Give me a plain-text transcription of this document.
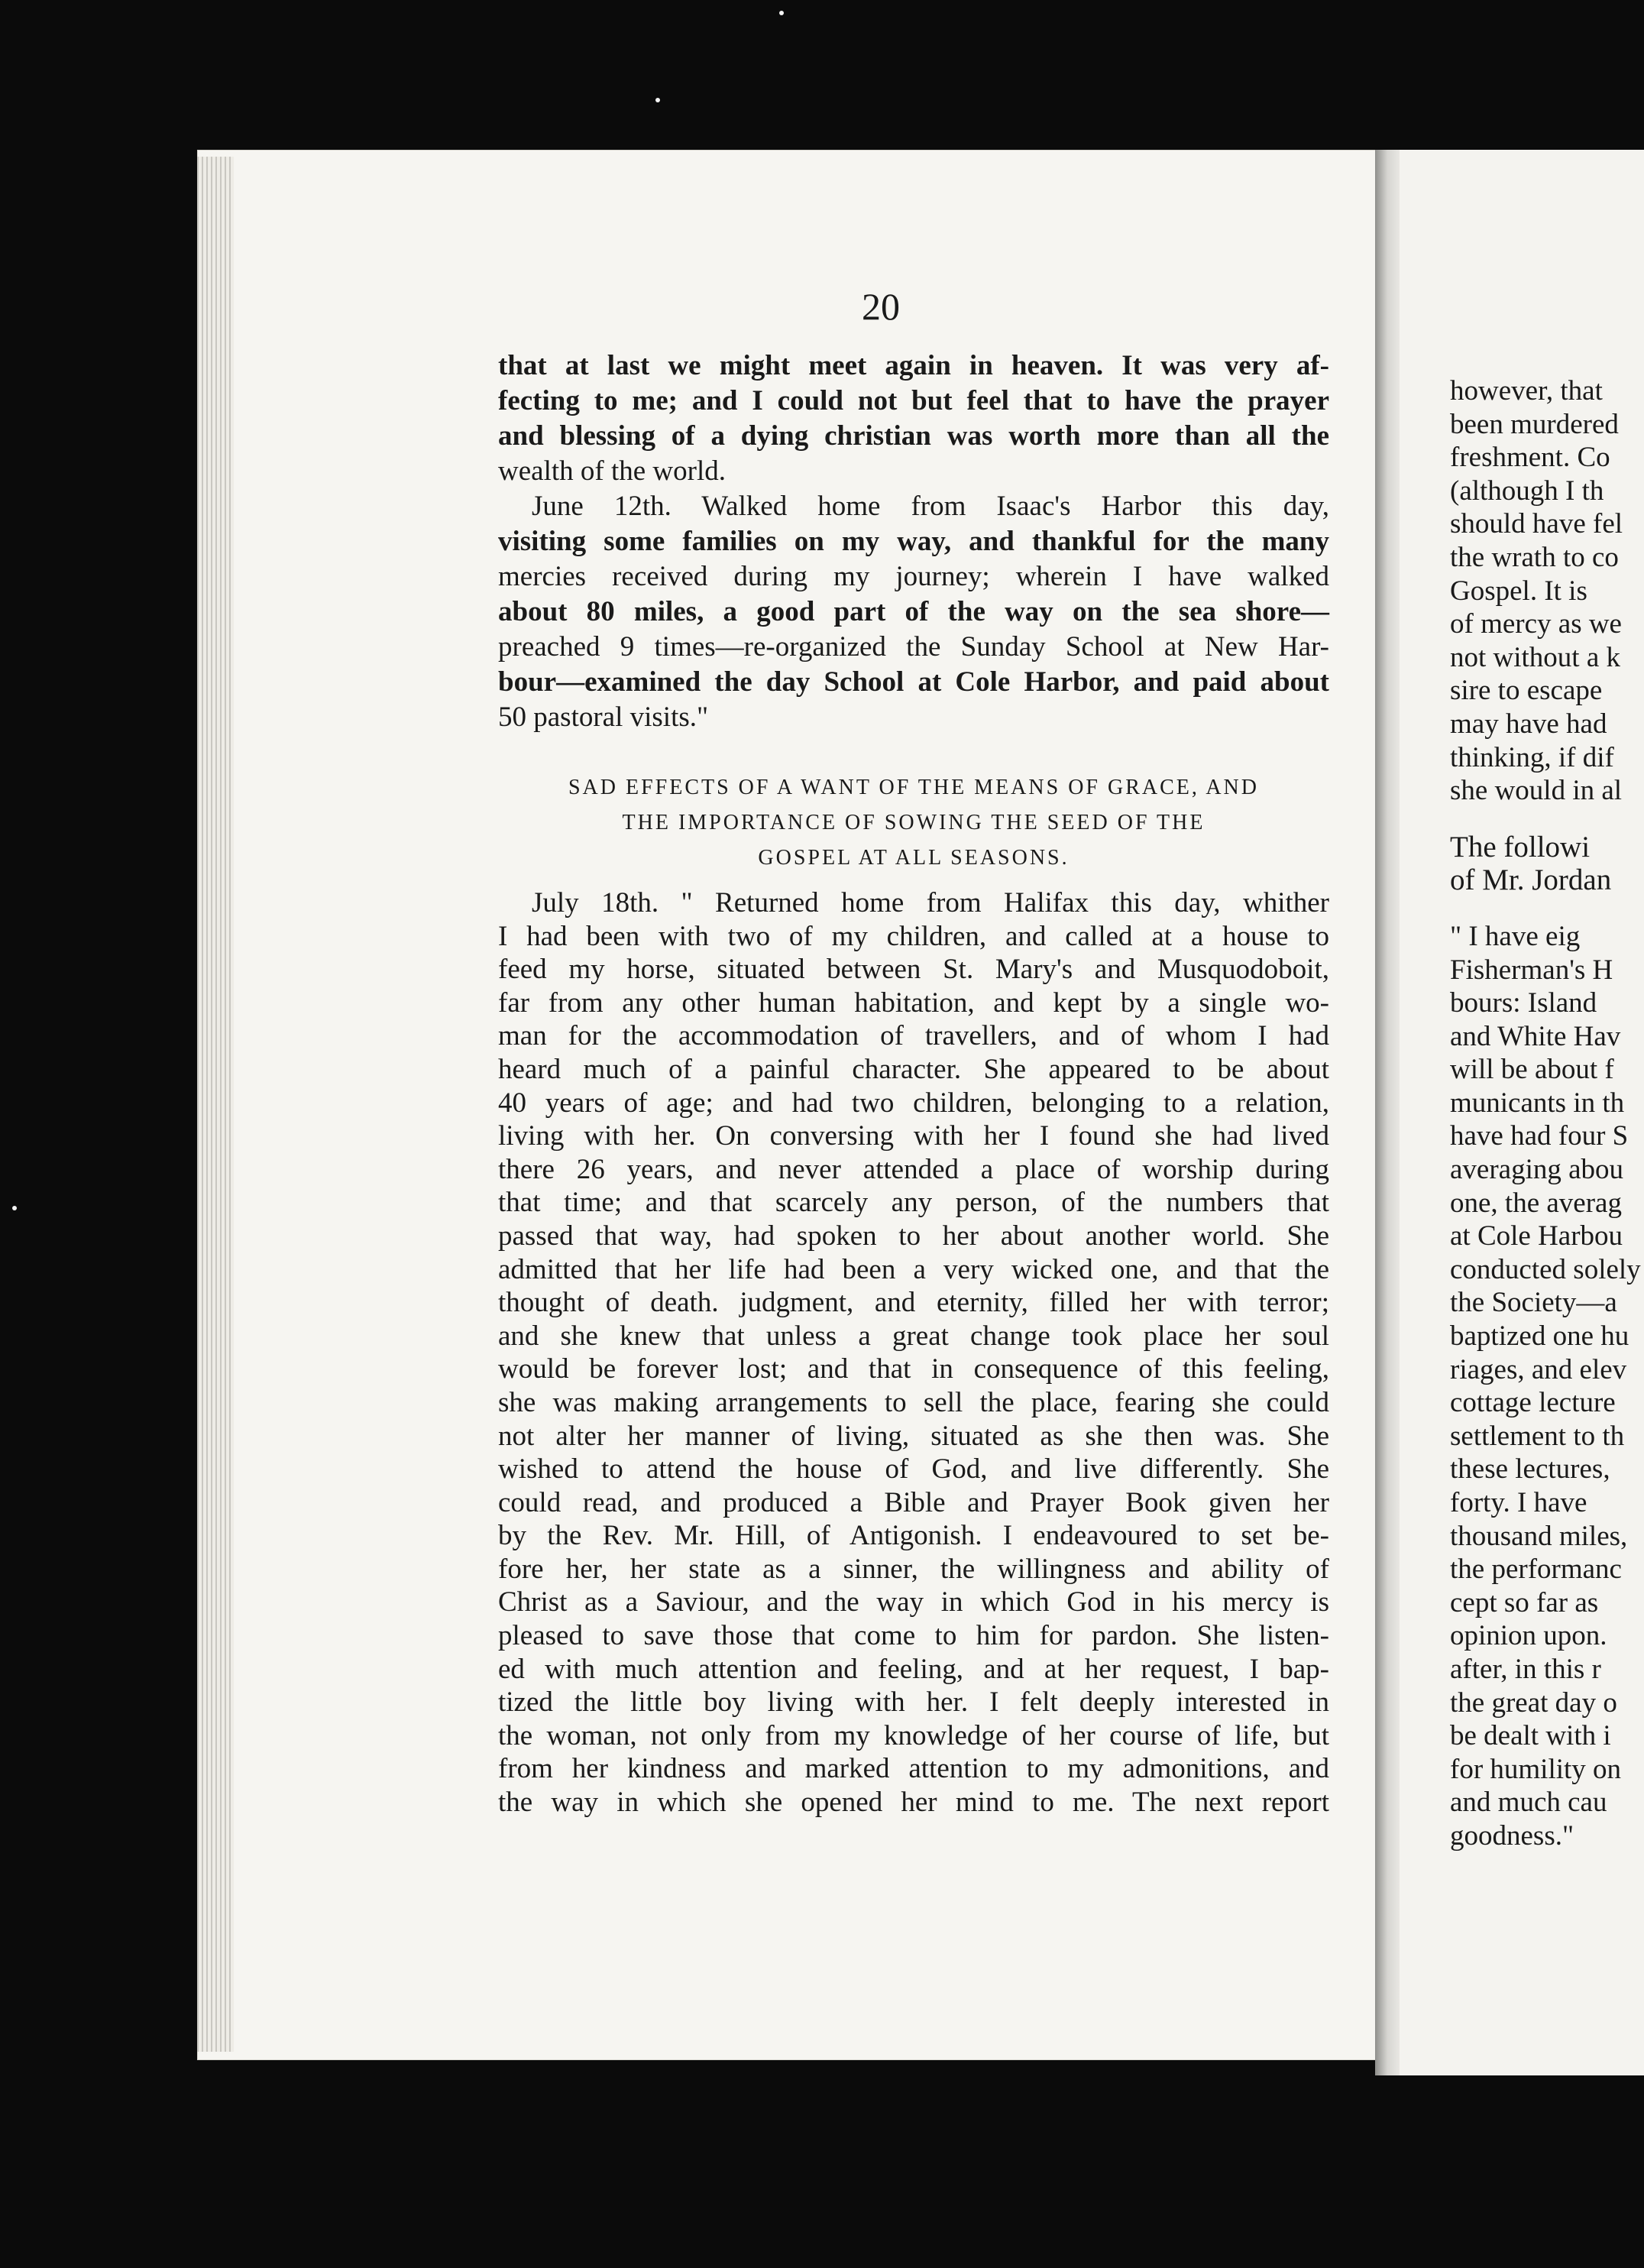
20
that at last we might meet again in heaven. It was very af-
fecting to me; and I could not but feel that to have the prayer
and blessing of a dying christian was worth more than all the
wealth of the world.
June 12th. Walked home from Isaac's Harbor this day,
visiting some families on my way, and thankful for the many
mercies received during my journey; wherein I have walked
about 80 miles, a good part of the way on the sea shore—
preached 9 times—re-organized the Sunday School at New Har-
bour—examined the day School at Cole Harbor, and paid about
50 pastoral visits."
SAD EFFECTS OF A WANT OF THE MEANS OF GRACE, AND
THE IMPORTANCE OF SOWING THE SEED OF THE
GOSPEL AT ALL SEASONS.
July 18th. " Returned home from Halifax this day, whither
I had been with two of my children, and called at a house to
feed my horse, situated between St. Mary's and Musquodoboit,
far from any other human habitation, and kept by a single wo-
man for the accommodation of travellers, and of whom I had
heard much of a painful character. She appeared to be about
40 years of age; and had two children, belonging to a relation,
living with her. On conversing with her I found she had lived
there 26 years, and never attended a place of worship during
that time; and that scarcely any person, of the numbers that
passed that way, had spoken to her about another world. She
admitted that her life had been a very wicked one, and that the
thought of death. judgment, and eternity, filled her with terror;
and she knew that unless a great change took place her soul
would be forever lost; and that in consequence of this feeling,
she was making arrangements to sell the place, fearing she could
not alter her manner of living, situated as she then was. She
wished to attend the house of God, and live differently. She
could read, and produced a Bible and Prayer Book given her
by the Rev. Mr. Hill, of Antigonish. I endeavoured to set be-
fore her, her state as a sinner, the willingness and ability of
Christ as a Saviour, and the way in which God in his mercy is
pleased to save those that come to him for pardon. She listen-
ed with much attention and feeling, and at her request, I bap-
tized the little boy living with her. I felt deeply interested in
the woman, not only from my knowledge of her course of life, but
from her kindness and marked attention to my admonitions, and
the way in which she opened her mind to me. The next report
however, that
been murdered
freshment. Co
(although I th
should have fel
the wrath to co
Gospel. It is
of mercy as we
not without a k
sire to escape
may have had
thinking, if dif
she would in al
The followi
of Mr. Jordan
" I have eig
Fisherman's H
bours: Island
and White Hav
will be about f
municants in th
have had four S
averaging abou
one, the averag
at Cole Harbou
conducted solely
the Society—a
baptized one hu
riages, and elev
cottage lecture
settlement to th
these lectures,
forty. I have
thousand miles,
the performanc
cept so far as
opinion upon.
after, in this r
the great day o
be dealt with i
for humility on
and much cau
goodness."
